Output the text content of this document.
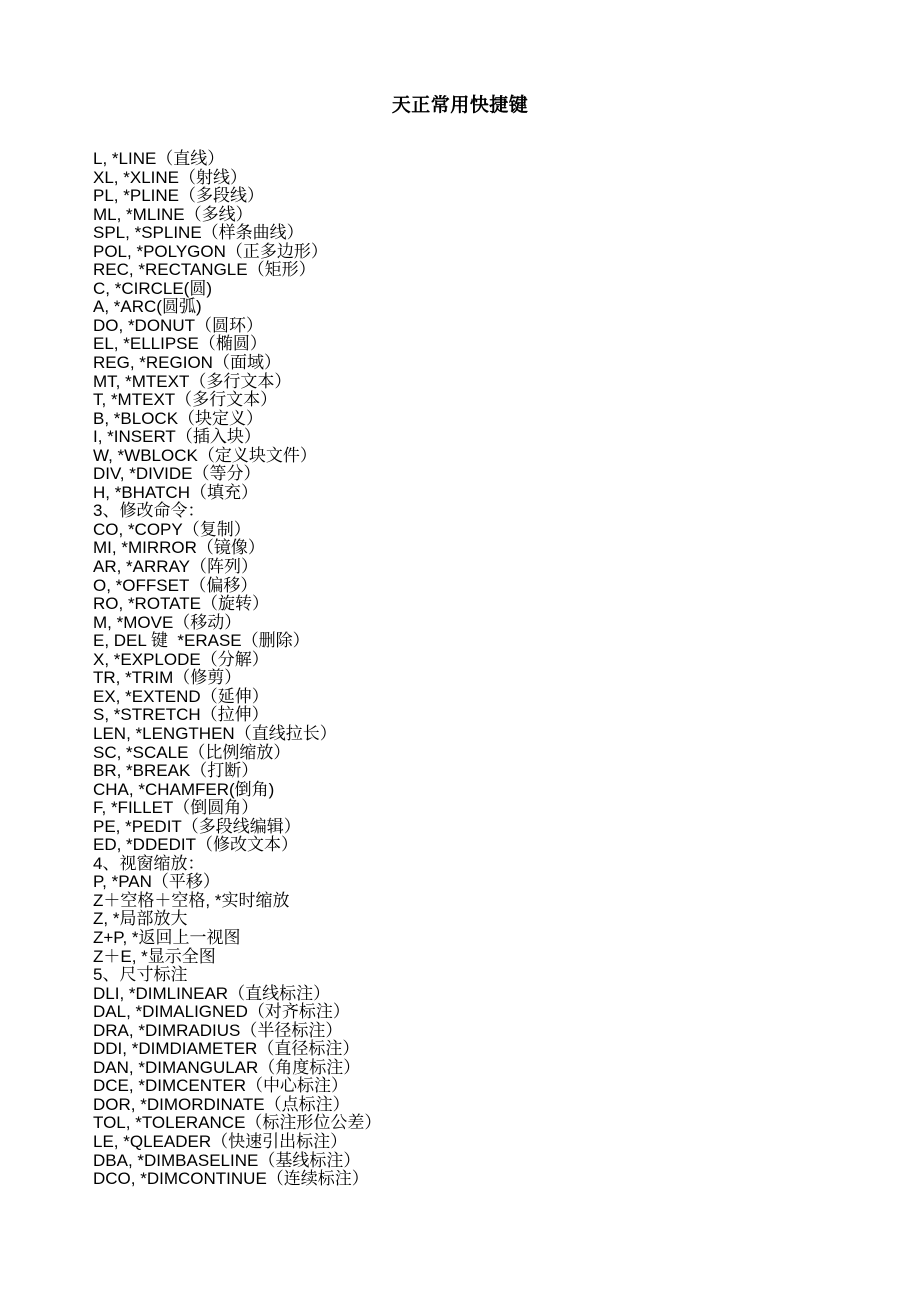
天正常用快捷键
L, *LINE（直线）
XL, *XLINE（射线）
PL, *PLINE（多段线）
ML, *MLINE（多线）
SPL, *SPLINE（样条曲线）
POL, *POLYGON（正多边形）
REC, *RECTANGLE（矩形）
C, *CIRCLE(圆)
A, *ARC(圆弧)
DO, *DONUT（圆环）
EL, *ELLIPSE（椭圆）
REG, *REGION（面域）
MT, *MTEXT（多行文本）
T, *MTEXT（多行文本）
B, *BLOCK（块定义）
I, *INSERT（插入块）
W, *WBLOCK（定义块文件）
DIV, *DIVIDE（等分）
H, *BHATCH（填充）
3、修改命令：
CO, *COPY（复制）
MI, *MIRROR（镜像）
AR, *ARRAY（阵列）
O, *OFFSET（偏移）
RO, *ROTATE（旋转）
M, *MOVE（移动）
E, DEL 键  *ERASE（删除）
X, *EXPLODE（分解）
TR, *TRIM（修剪）
EX, *EXTEND（延伸）
S, *STRETCH（拉伸）
LEN, *LENGTHEN（直线拉长）
SC, *SCALE（比例缩放）
BR, *BREAK（打断）
CHA, *CHAMFER(倒角)
F, *FILLET（倒圆角）
PE, *PEDIT（多段线编辑）
ED, *DDEDIT（修改文本）
4、视窗缩放：
P, *PAN（平移）
Z＋空格＋空格, *实时缩放
Z, *局部放大
Z+P, *返回上一视图
Z＋E, *显示全图
5、尺寸标注
DLI, *DIMLINEAR（直线标注）
DAL, *DIMALIGNED（对齐标注）
DRA, *DIMRADIUS（半径标注）
DDI, *DIMDIAMETER（直径标注）
DAN, *DIMANGULAR（角度标注）
DCE, *DIMCENTER（中心标注）
DOR, *DIMORDINATE（点标注）
TOL, *TOLERANCE（标注形位公差）
LE, *QLEADER（快速引出标注）
DBA, *DIMBASELINE（基线标注）
DCO, *DIMCONTINUE（连续标注）
